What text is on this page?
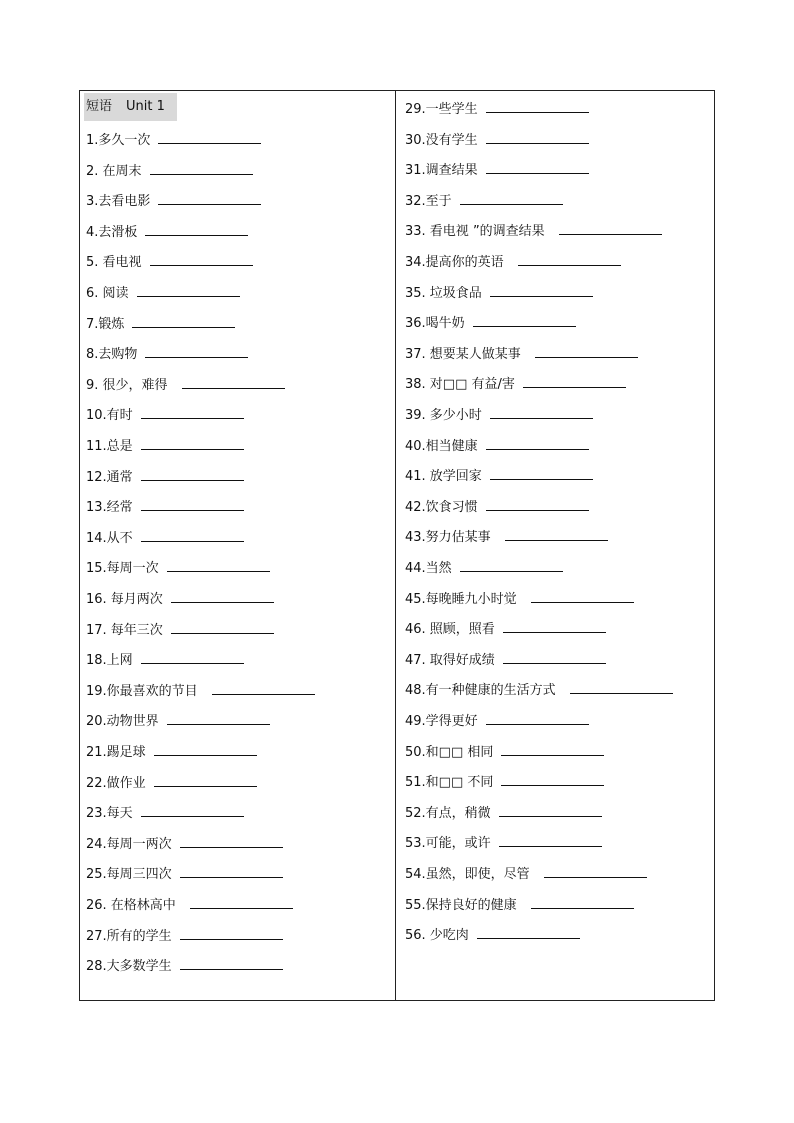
短语 Unit 1
1.多久一次
2. 在周末
3.去看电影
4.去滑板
5. 看电视
6. 阅读
7.锻炼
8.去购物
9. 很少，难得
10.有时
11.总是
12.通常
13.经常
14.从不
15.每周一次
16. 每月两次
17. 每年三次
18.上网
19.你最喜欢的节目
20.动物世界
21.踢足球
22.做作业
23.每天
24.每周一两次
25.每周三四次
26. 在格林高中
27.所有的学生
28.大多数学生
29.一些学生
30.没有学生
31.调查结果
32.至于
33. 看电视 ”的调查结果
34.提高你的英语
35. 垃圾食品
36.喝牛奶
37. 想要某人做某事
38. 对□□ 有益/害
39. 多少小时
40.相当健康
41. 放学回家
42.饮食习惯
43.努力估某事
44.当然
45.每晚睡九小时觉
46. 照顾，照看
47. 取得好成绩
48.有一种健康的生活方式
49.学得更好
50.和□□ 相同
51.和□□ 不同
52.有点，稍微
53.可能，或许
54.虽然，即使，尽管
55.保持良好的健康
56. 少吃肉
